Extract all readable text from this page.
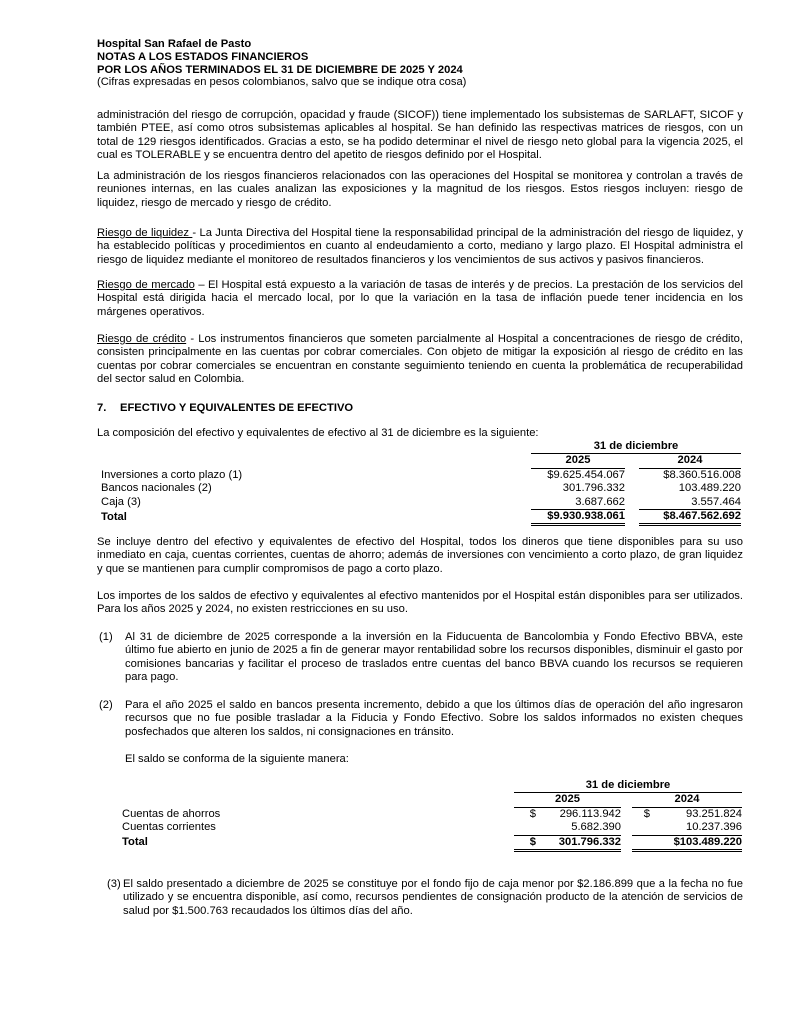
Hospital San Rafael de Pasto
NOTAS A LOS ESTADOS FINANCIEROS
POR LOS AÑOS TERMINADOS EL 31 DE DICIEMBRE DE 2025 Y 2024
(Cifras expresadas en pesos colombianos, salvo que se indique otra cosa)

administración del riesgo de corrupción, opacidad y fraude (SICOF)) tiene implementado los subsistemas de SARLAFT, SICOF y también PTEE, así como otros subsistemas aplicables al hospital. Se han definido las respectivas matrices de riesgos, con un total de 129 riesgos identificados. Gracias a esto, se ha podido determinar el nivel de riesgo neto global para la vigencia 2025, el cual es TOLERABLE y se encuentra dentro del apetito de riesgos definido por el Hospital.

La administración de los riesgos financieros relacionados con las operaciones del Hospital se monitorea y controlan a través de reuniones internas, en las cuales analizan las exposiciones y la magnitud de los riesgos. Estos riesgos incluyen: riesgo de liquidez, riesgo de mercado y riesgo de crédito.

Riesgo de liquidez - La Junta Directiva del Hospital tiene la responsabilidad principal de la administración del riesgo de liquidez, y ha establecido políticas y procedimientos en cuanto al endeudamiento a corto, mediano y largo plazo. El Hospital administra el riesgo de liquidez mediante el monitoreo de resultados financieros y los vencimientos de sus activos y pasivos financieros.

Riesgo de mercado – El Hospital está expuesto a la variación de tasas de interés y de precios. La prestación de los servicios del Hospital está dirigida hacia el mercado local, por lo que la variación en la tasa de inflación puede tener incidencia en los márgenes operativos.

Riesgo de crédito - Los instrumentos financieros que someten parcialmente al Hospital a concentraciones de riesgo de crédito, consisten principalmente en las cuentas por cobrar comerciales. Con objeto de mitigar la exposición al riesgo de crédito en las cuentas por cobrar comerciales se encuentran en constante seguimiento teniendo en cuenta la problemática de recuperabilidad del sector salud en Colombia.

7. EFECTIVO Y EQUIVALENTES DE EFECTIVO

La composición del efectivo y equivalentes de efectivo al 31 de diciembre es la siguiente:

	31 de diciembre		
	2025		2024
Inversiones a corto plazo (1)	$9.625.454.067		$8.360.516.008
Bancos nacionales (2)	301.796.332		103.489.220
Caja (3)	3.687.662		3.557.464
Total	$9.930.938.061		$8.467.562.692

Se incluye dentro del efectivo y equivalentes de efectivo del Hospital, todos los dineros que tiene disponibles para su uso inmediato en caja, cuentas corrientes, cuentas de ahorro; además de inversiones con vencimiento a corto plazo, de gran liquidez y que se mantienen para cumplir compromisos de pago a corto plazo.

Los importes de los saldos de efectivo y equivalentes al efectivo mantenidos por el Hospital están disponibles para ser utilizados. Para los años 2025 y 2024, no existen restricciones en su uso.

(1) Al 31 de diciembre de 2025 corresponde a la inversión en la Fiducuenta de Bancolombia y Fondo Efectivo BBVA, este último fue abierto en junio de 2025 a fin de generar mayor rentabilidad sobre los recursos disponibles, disminuir el gasto por comisiones bancarias y facilitar el proceso de traslados entre cuentas del banco BBVA cuando los recursos se requieren para pago.
(2) Para el año 2025 el saldo en bancos presenta incremento, debido a que los últimos días de operación del año ingresaron recursos que no fue posible trasladar a la Fiducia y Fondo Efectivo. Sobre los saldos informados no existen cheques posfechados que alteren los saldos, ni consignaciones en tránsito.

El saldo se conforma de la siguiente manera:

	31 de diciembre				
	2025			2024	
Cuentas de ahorros	$	296.113.942		$	93.251.824
Cuentas corrientes		5.682.390			10.237.396
Total	$	301.796.332			$103.489.220
(3) El saldo presentado a diciembre de 2025 se constituye por el fondo fijo de caja menor por $2.186.899 que a la fecha no fue utilizado y se encuentra disponible, así como, recursos pendientes de consignación producto de la atención de servicios de salud por $1.500.763 recaudados los últimos días del año.
